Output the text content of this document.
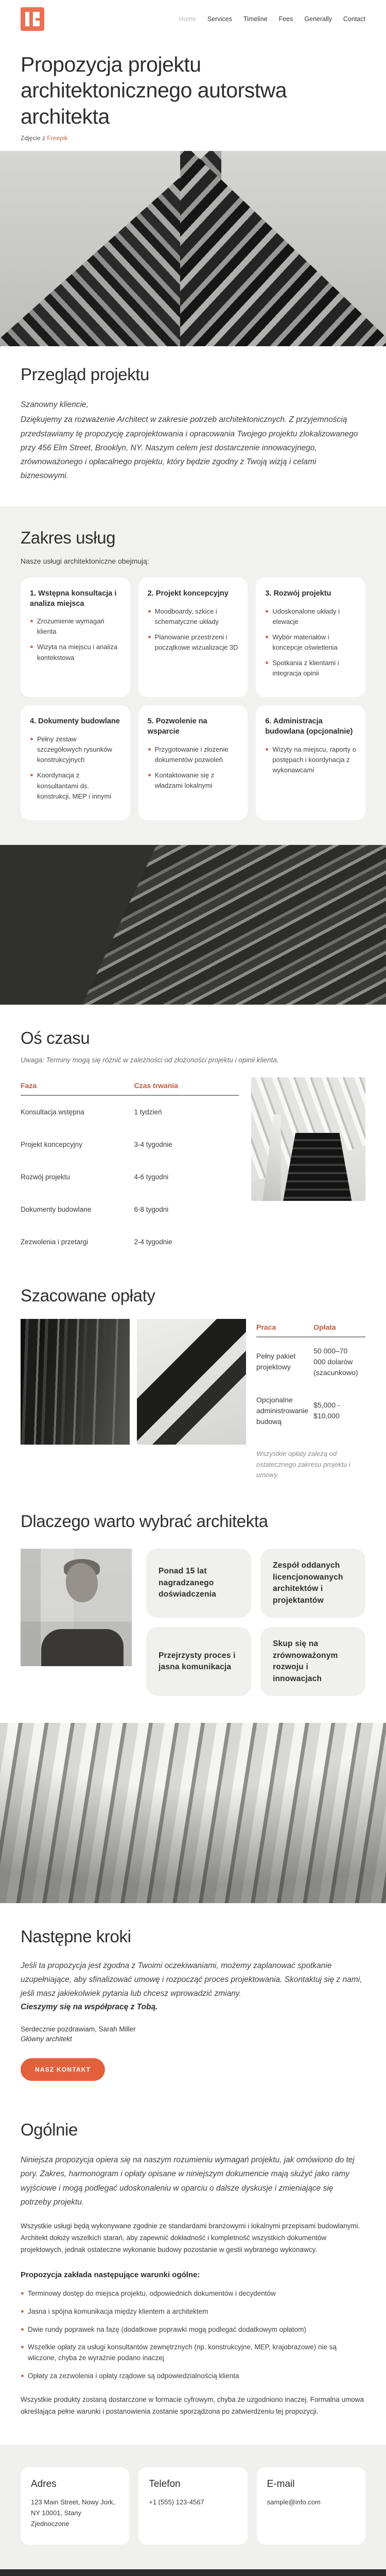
Home Services Timeline Fees Generally Contact
Propozycja projektu architektonicznego autorstwa architekta
Zdjęcie z Freepik
Przegląd projektu

Szanowny kliencie,

Dziękujemy za rozważenie Architect w zakresie potrzeb architektonicznych. Z przyjemnością przedstawiamy tę propozycję zaprojektowania i opracowania Twojego projektu zlokalizowanego przy 456 Elm Street, Brooklyn, NY. Naszym celem jest dostarczenie innowacyjnego, zrównoważonego i opłacalnego projektu, który będzie zgodny z Twoją wizją i celami biznesowymi.

Zakres usług
Nasze usługi architektoniczne obejmują:
1. Wstępna konsultacja i analiza miejsca
Zrozumienie wymagań klienta
Wizyta na miejscu i analiza kontekstowa
2. Projekt koncepcyjny
Moodboardy, szkice i schematyczne układy
Planowanie przestrzeni i początkowe wizualizacje 3D
3. Rozwój projektu
Udoskonalone układy i elewacje
Wybór materiałów i koncepcje oświetlenia
Spotkania z klientami i integracja opinii
4. Dokumenty budowlane
Pełny zestaw szczegółowych rysunków konstrukcyjnych
Koordynacja z konsultantami ds. konstrukcji, MEP i innymi
5. Pozwolenie na wsparcie
Przygotowanie i złożenie dokumentów pozwoleń
Kontaktowanie się z władzami lokalnymi
6. Administracja budowlana (opcjonalnie)
Wizyty na miejscu, raporty o postępach i koordynacja z wykonawcami
Oś czasu
Uwaga: Terminy mogą się różnić w zależności od złożoności projektu i opinii klienta.
Faza	Czas trwania
Konsultacja wstępna	1 tydzień
Projekt koncepcyjny	3-4 tygodnie
Rozwój projektu	4-6 tygodni
Dokumenty budowlane	6-8 tygodni
Zezwolenia i przetargi	2-4 tygodnie
Szacowane opłaty
Praca	Opłata
Pełny pakiet projektowy	50 000–70 000 dolarów (szacunkowo)
Opcjonalne administrowanie budową	$5,000 - $10,000
Wszystkie opłaty zależą od ostatecznego zakresu projektu i umowy.
Dlaczego warto wybrać architekta
Ponad 15 lat nagradzanego doświadczenia
Zespół oddanych licencjonowanych architektów i projektantów
Przejrzysty proces i jasna komunikacja
Skup się na zrównoważonym rozwoju i innowacjach
Następne kroki

Jeśli ta propozycja jest zgodna z Twoimi oczekiwaniami, możemy zaplanować spotkanie uzupełniające, aby sfinalizować umowę i rozpocząć proces projektowania. Skontaktuj się z nami, jeśli masz jakiekolwiek pytania lub chcesz wprowadzić zmiany.

Cieszymy się na współpracę z Tobą.

Serdecznie pozdrawiam, Sarah Miller
Główny architekt
NASZ KONTAKT
Ogólnie

Niniejsza propozycja opiera się na naszym rozumieniu wymagań projektu, jak omówiono do tej pory. Zakres, harmonogram i opłaty opisane w niniejszym dokumencie mają służyć jako ramy wyjściowe i mogą podlegać udoskonaleniu w oparciu o dalsze dyskusje i zmieniające się potrzeby projektu.

Wszystkie usługi będą wykonywane zgodnie ze standardami branżowymi i lokalnymi przepisami budowlanymi. Architekt dołoży wszelkich starań, aby zapewnić dokładność i kompletność wszystkich dokumentów projektowych, jednak ostateczne wykonanie budowy pozostanie w gestii wybranego wykonawcy.

Propozycja zakłada następujące warunki ogólne:
Terminowy dostęp do miejsca projektu, odpowiednich dokumentów i decydentów
Jasna i spójna komunikacja między klientem a architektem
Dwie rundy poprawek na fazę (dodatkowe poprawki mogą podlegać dodatkowym opłatom)
Wszelkie opłaty za usługi konsultantów zewnętrznych (np. konstrukcyjne, MEP, krajobrazowe) nie są wliczone, chyba że wyraźnie podano inaczej
Opłaty za zezwolenia i opłaty rządowe są odpowiedzialnością klienta

Wszystkie produkty zostaną dostarczone w formacie cyfrowym, chyba że uzgodniono inaczej. Formalna umowa określająca pełne warunki i postanowienia zostanie sporządzona po zatwierdzeniu tej propozycji.

Adres
123 Main Street, Nowy Jork, NY 10001, Stany Zjednoczone
Telefon
+1 (555) 123-4567
E-mail
sample@info.com
